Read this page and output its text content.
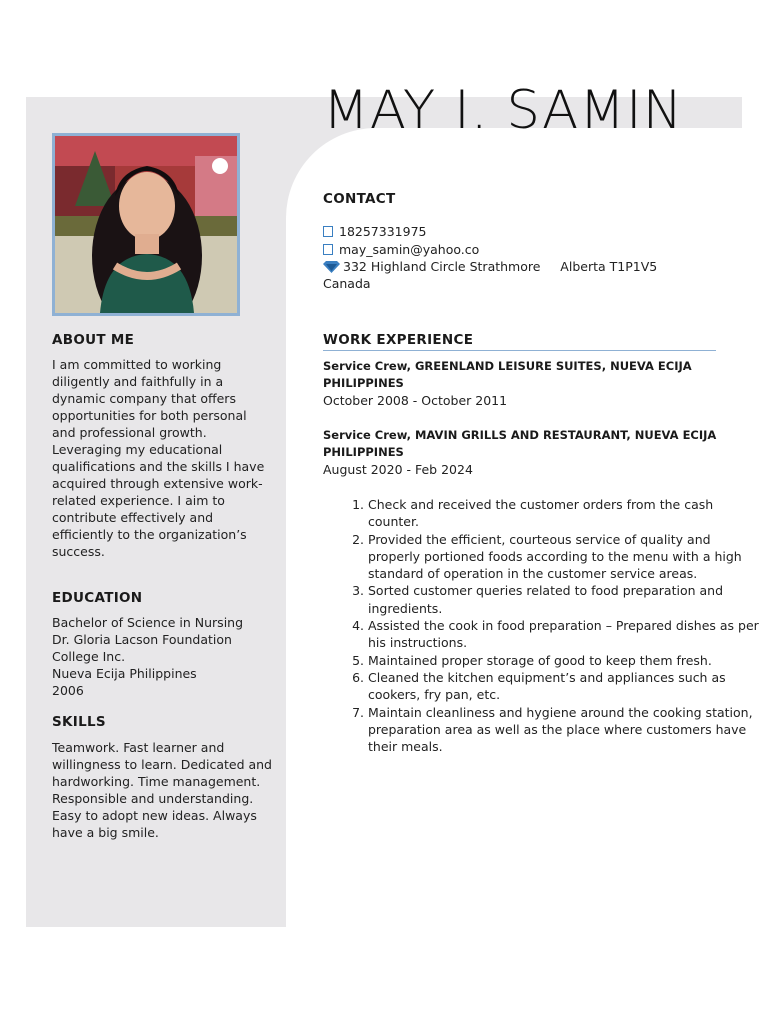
MAY I. SAMIN
ABOUT ME
I am committed to working diligently and faithfully in a dynamic company that offers opportunities for both personal and professional growth. Leveraging my educational qualifications and the skills I have acquired through extensive work-related experience. I aim to contribute effectively and efficiently to the organization’s success.
EDUCATION
Bachelor of Science in Nursing
Dr. Gloria Lacson Foundation College Inc.
Nueva Ecija Philippines
2006
SKILLS
Teamwork. Fast learner and willingness to learn. Dedicated and hardworking. Time management. Responsible and understanding. Easy to adopt new ideas. Always have a big smile.
CONTACT
18257331975
may_samin@yahoo.co
332 Highland Circle Strathmore     Alberta T1P1V5
Canada
WORK EXPERIENCE
Service Crew, GREENLAND LEISURE SUITES, NUEVA ECIJA PHILIPPINES
October 2008 - October 2011
Service Crew, MAVIN GRILLS AND RESTAURANT, NUEVA ECIJA PHILIPPINES
August 2020 - Feb 2024
1. Check and received the customer orders from the cash counter.
2. Provided the efficient, courteous service of quality and properly portioned foods according to the menu with a high standard of operation in the customer service areas.
3. Sorted customer queries related to food preparation and ingredients.
4. Assisted the cook in food preparation – Prepared dishes as per his instructions.
5. Maintained proper storage of good to keep them fresh.
6. Cleaned the kitchen equipment’s and appliances such as cookers, fry pan, etc.
7. Maintain cleanliness and hygiene around the cooking station, preparation area as well as the place where customers have their meals.
